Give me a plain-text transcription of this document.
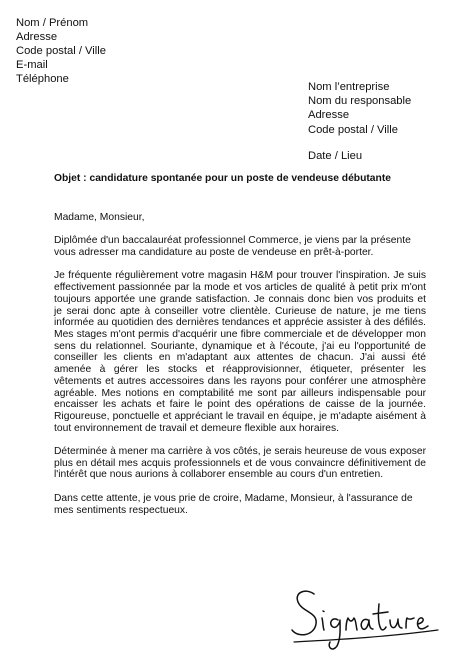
Nom / Prénom
Adresse
Code postal / Ville
E-mail
Téléphone
Nom l’entreprise
Nom du responsable
Adresse
Code postal / Ville
Date / Lieu
Objet : candidature spontanée pour un poste de vendeuse débutante

Madame, Monsieur,

Diplômée d'un baccalauréat professionnel Commerce, je viens par la présente vous adresser ma candidature au poste de vendeuse en prêt-à-porter.

Je fréquente régulièrement votre magasin H&M pour trouver l'inspiration. Je suis effectivement passionnée par la mode et vos articles de qualité à petit prix m'ont toujours apportée une grande satisfaction. Je connais donc bien vos produits et je serai donc apte à conseiller votre clientèle. Curieuse de nature, je me tiens informée au quotidien des dernières tendances et apprécie assister à des défilés. Mes stages m'ont permis d'acquérir une fibre commerciale et de développer mon sens du relationnel. Souriante, dynamique et à l'écoute, j'ai eu l'opportunité de conseiller les clients en m'adaptant aux attentes de chacun. J'ai aussi été amenée à gérer les stocks et réapprovisionner, étiqueter, présenter les vêtements et autres accessoires dans les rayons pour conférer une atmosphère agréable. Mes notions en comptabilité me sont par ailleurs indispensable pour encaisser les achats et faire le point des opérations de caisse de la journée. Rigoureuse, ponctuelle et appréciant le travail en équipe, je m'adapte aisément à tout environnement de travail et demeure flexible aux horaires.

Déterminée à mener ma carrière à vos côtés, je serais heureuse de vous exposer plus en détail mes acquis professionnels et de vous convaincre définitivement de l'intérêt que nous aurions à collaborer ensemble au cours d'un entretien.

Dans cette attente, je vous prie de croire, Madame, Monsieur, à l'assurance de mes sentiments respectueux.
